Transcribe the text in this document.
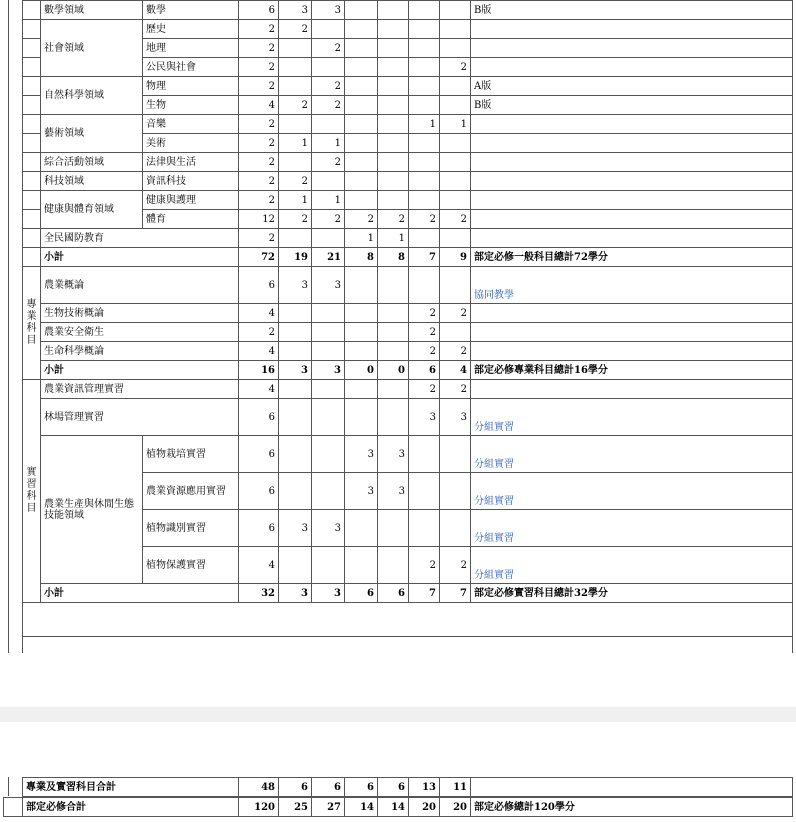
	數學領域	數學	6	3	3					B版
	社會領域	歷史	2	2						
		地理	2		2					
		公民與社會	2						2	
	自然科學領域	物理	2		2					A版
		生物	4	2	2					B版
	藝術領域	音樂	2					1	1	
		美術	2	1	1					
	綜合活動領域	法律與生活	2		2					
	科技領域	資訊科技	2	2						
	健康與體育領域	健康與護理	2	1	1					
		體育	12	2	2	2	2	2	2	
	全民國防教育		2			1	1			
	小計		72	19	21	8	8	7	9	部定必修一般科目總計72學分
專業科目	農業概論		6	3	3					協同教學
	生物技術概論		4					2	2	
	農業安全衛生		2					2		
	生命科學概論		4					2	2	
	小計		16	3	3	0	0	6	4	部定必修專業科目總計16學分
實習科目	農業資訊管理實習		4					2	2	
	林場管理實習		6					3	3	分組實習
	農業生產與休閒生態技能領域	植物栽培實習	6			3	3			分組實習
		農業資源應用實習	6			3	3			分組實習
		植物識別實習	6	3	3					分組實習
		植物保護實習	4					2	2	分組實習
	小計		32	3	3	6	6	7	7	部定必修實習科目總計32學分
專業及實習科目合計	48	6	6	6	6	13	11	
	部定必修合計	120	25	27	14	14	20	20	部定必修總計120學分
